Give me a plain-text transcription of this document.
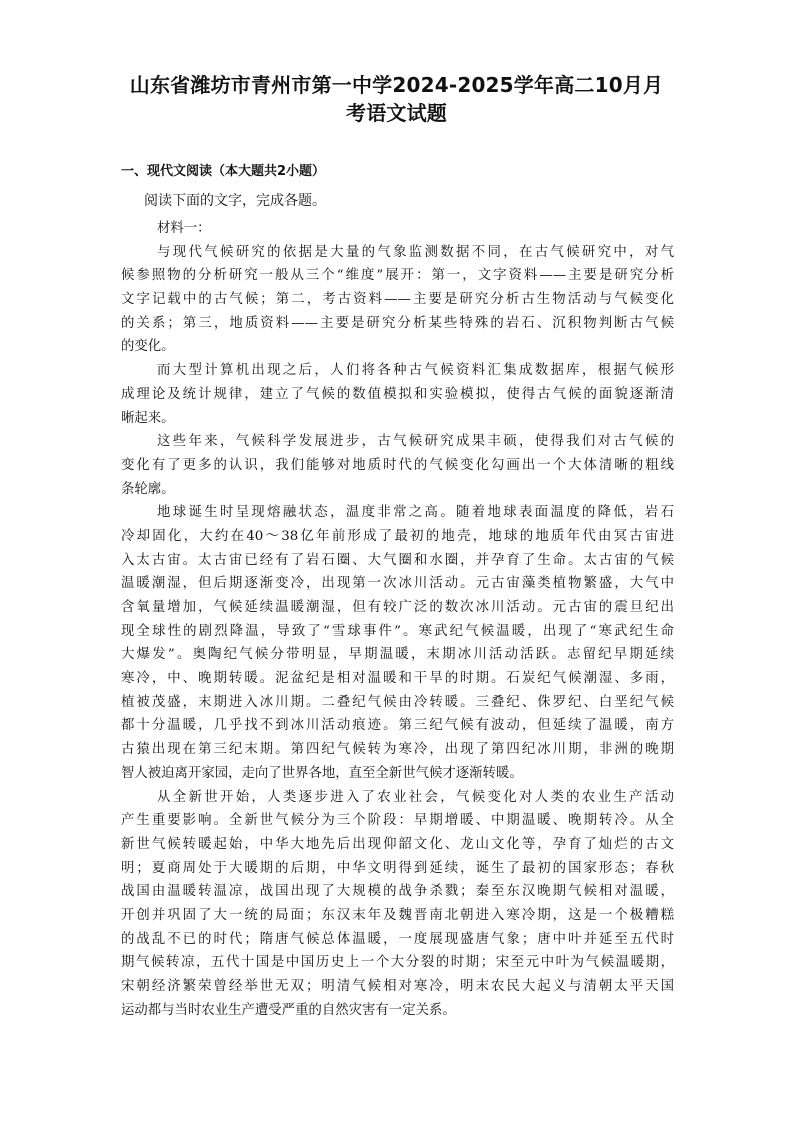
山东省潍坊市青州市第一中学2024-2025学年高二10月月
考语文试题
一、现代文阅读（本大题共2小题）
阅读下面的文字，完成各题。
材料一：
与现代气候研究的依据是大量的气象监测数据不同，在古气候研究中，对气
候参照物的分析研究一般从三个“维度”展开：第一，文字资料——主要是研究分析
文字记载中的古气候；第二，考古资料——主要是研究分析古生物活动与气候变化
的关系；第三，地质资料——主要是研究分析某些特殊的岩石、沉积物判断古气候
的变化。
而大型计算机出现之后，人们将各种古气候资料汇集成数据库，根据气候形
成理论及统计规律，建立了气候的数值模拟和实验模拟，使得古气候的面貌逐渐清
晰起来。
这些年来，气候科学发展进步，古气候研究成果丰硕，使得我们对古气候的
变化有了更多的认识，我们能够对地质时代的气候变化勾画出一个大体清晰的粗线
条轮廓。
地球诞生时呈现熔融状态，温度非常之高。随着地球表面温度的降低，岩石
冷却固化，大约在40～38亿年前形成了最初的地壳，地球的地质年代由冥古宙进
入太古宙。太古宙已经有了岩石圈、大气圈和水圈，并孕育了生命。太古宙的气候
温暖潮湿，但后期逐渐变冷，出现第一次冰川活动。元古宙藻类植物繁盛，大气中
含氧量增加，气候延续温暖潮湿，但有较广泛的数次冰川活动。元古宙的震旦纪出
现全球性的剧烈降温，导致了“雪球事件”。寒武纪气候温暖，出现了“寒武纪生命
大爆发”。奥陶纪气候分带明显，早期温暖，末期冰川活动活跃。志留纪早期延续
寒冷，中、晚期转暖。泥盆纪是相对温暖和干旱的时期。石炭纪气候潮湿、多雨，
植被茂盛，末期进入冰川期。二叠纪气候由冷转暖。三叠纪、侏罗纪、白垩纪气候
都十分温暖，几乎找不到冰川活动痕迹。第三纪气候有波动，但延续了温暖，南方
古猿出现在第三纪末期。第四纪气候转为寒冷，出现了第四纪冰川期，非洲的晚期
智人被迫离开家园，走向了世界各地，直至全新世气候才逐渐转暖。
从全新世开始，人类逐步进入了农业社会，气候变化对人类的农业生产活动
产生重要影响。全新世气候分为三个阶段：早期增暖、中期温暖、晚期转冷。从全
新世气候转暖起始，中华大地先后出现仰韶文化、龙山文化等，孕育了灿烂的古文
明；夏商周处于大暖期的后期，中华文明得到延续，诞生了最初的国家形态；春秋
战国由温暖转温凉，战国出现了大规模的战争杀戮；秦至东汉晚期气候相对温暖，
开创并巩固了大一统的局面；东汉末年及魏晋南北朝进入寒冷期，这是一个极糟糕
的战乱不已的时代；隋唐气候总体温暖，一度展现盛唐气象；唐中叶并延至五代时
期气候转凉，五代十国是中国历史上一个大分裂的时期；宋至元中叶为气候温暖期，
宋朝经济繁荣曾经举世无双；明清气候相对寒冷，明末农民大起义与清朝太平天国
运动都与当时农业生产遭受严重的自然灾害有一定关系。
